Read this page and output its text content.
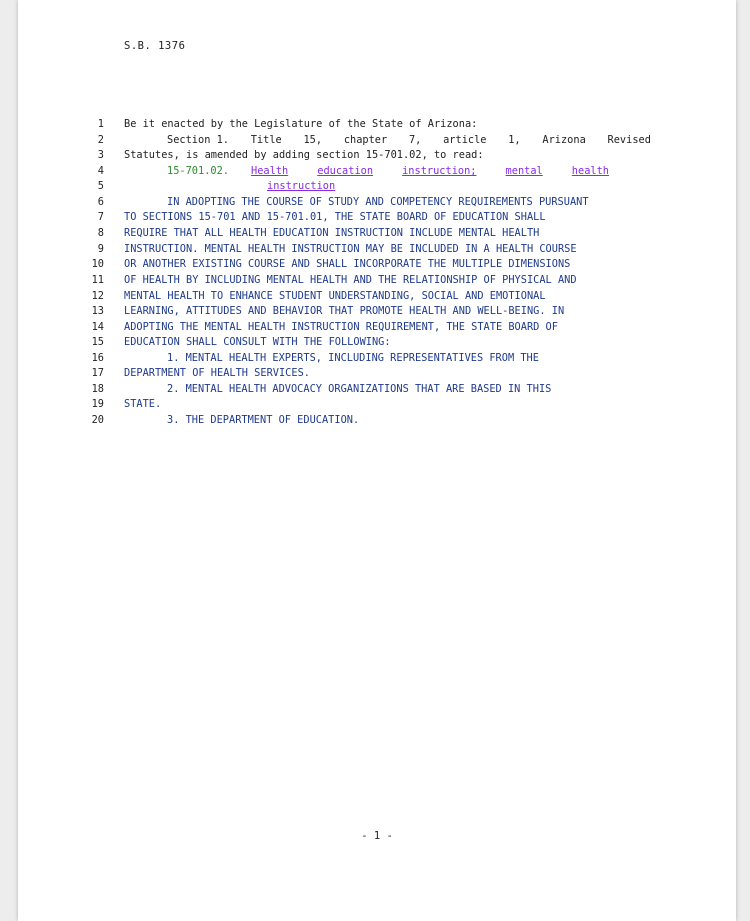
S.B. 1376
1 Be it enacted by the Legislature of the State of Arizona:
2	Section 1. Title 15, chapter 7, article 1, Arizona Revised
3 Statutes, is amended by adding section 15-701.02, to read:
4	15-701.02. Health	education	instruction;	mental	health
5	instruction
6	IN ADOPTING THE COURSE OF STUDY AND COMPETENCY REQUIREMENTS PURSUANT
7 TO SECTIONS 15-701 AND 15-701.01, THE STATE BOARD OF EDUCATION SHALL
8 REQUIRE THAT ALL HEALTH EDUCATION INSTRUCTION INCLUDE MENTAL HEALTH
9 INSTRUCTION. MENTAL HEALTH INSTRUCTION MAY BE INCLUDED IN A HEALTH COURSE
10 OR ANOTHER EXISTING COURSE AND SHALL INCORPORATE THE MULTIPLE DIMENSIONS
11 OF HEALTH BY INCLUDING MENTAL HEALTH AND THE RELATIONSHIP OF PHYSICAL AND
12 MENTAL HEALTH TO ENHANCE STUDENT UNDERSTANDING, SOCIAL AND EMOTIONAL
13 LEARNING, ATTITUDES AND BEHAVIOR THAT PROMOTE HEALTH AND WELL-BEING. IN
14 ADOPTING THE MENTAL HEALTH INSTRUCTION REQUIREMENT, THE STATE BOARD OF
15 EDUCATION SHALL CONSULT WITH THE FOLLOWING:
16	1. MENTAL HEALTH EXPERTS, INCLUDING REPRESENTATIVES FROM THE
17 DEPARTMENT OF HEALTH SERVICES.
18	2. MENTAL HEALTH ADVOCACY ORGANIZATIONS THAT ARE BASED IN THIS
19 STATE.
20	3. THE DEPARTMENT OF EDUCATION.
- 1 -
